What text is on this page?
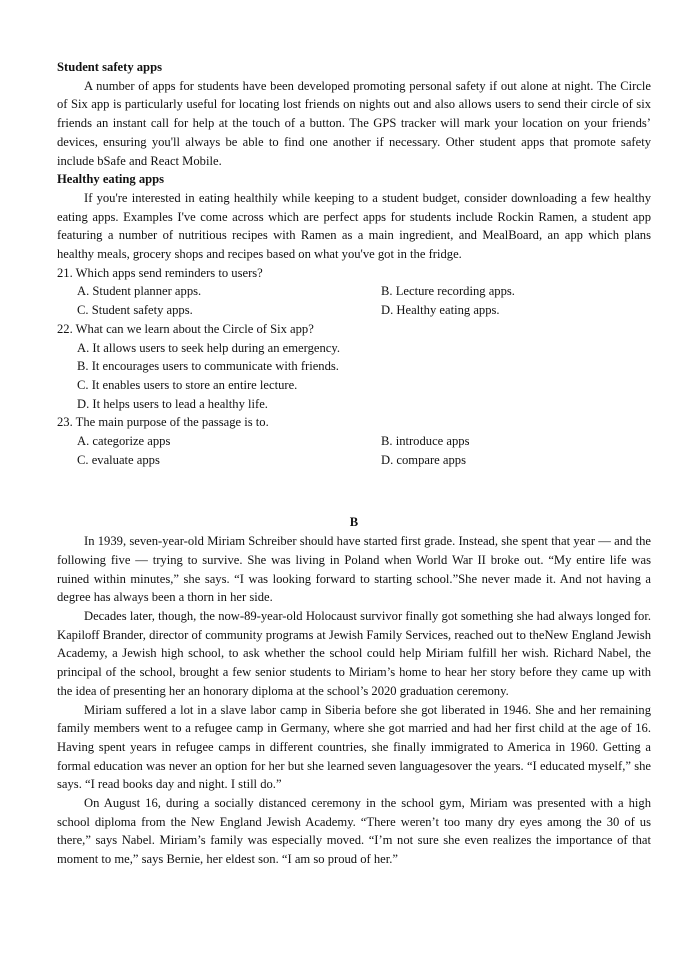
Student safety apps

A number of apps for students have been developed promoting personal safety if out alone at night. The Circle of Six app is particularly useful for locating lost friends on nights out and also allows users to send their circle of six friends an instant call for help at the touch of a button. The GPS tracker will mark your location on your friends’ devices, ensuring you'll always be able to find one another if necessary. Other student apps that promote safety include bSafe and React Mobile.

Healthy eating apps

If you're interested in eating healthily while keeping to a student budget, consider downloading a few healthy eating apps. Examples I've come across which are perfect apps for students include Rockin Ramen, a student app featuring a number of nutritious recipes with Ramen as a main ingredient, and MealBoard, an app which plans healthy meals, grocery shops and recipes based on what you've got in the fridge.

21. Which apps send reminders to users?

A. Student planner apps.	B. Lecture recording apps.
C. Student safety apps.	D. Healthy eating apps.

22. What can we learn about the Circle of Six app?

A. It allows users to seek help during an emergency.
B. It encourages users to communicate with friends.
C. It enables users to store an entire lecture.
D. It helps users to lead a healthy life.

23. The main purpose of the passage is to.

A. categorize apps	B. introduce apps
C. evaluate apps	D. compare apps

B

In 1939, seven-year-old Miriam Schreiber should have started first grade. Instead, she spent that year — and the following five — trying to survive. She was living in Poland when World War II broke out. “My entire life was ruined within minutes,” she says. “I was looking forward to starting school.”She never made it. And not having a degree has always been a thorn in her side.

Decades later, though, the now-89-year-old Holocaust survivor finally got something she had always longed for. Kapiloff Brander, director of community programs at Jewish Family Services, reached out to theNew England Jewish Academy, a Jewish high school, to ask whether the school could help Miriam fulfill her wish. Richard Nabel, the principal of the school, brought a few senior students to Miriam’s home to hear her story before they came up with the idea of presenting her an honorary diploma at the school’s 2020 graduation ceremony.

Miriam suffered a lot in a slave labor camp in Siberia before she got liberated in 1946. She and her remaining family members went to a refugee camp in Germany, where she got married and had her first child at the age of 16. Having spent years in refugee camps in different countries, she finally immigrated to America in 1960. Getting a formal education was never an option for her but she learned seven languagesover the years. “I educated myself,” she says. “I read books day and night. I still do.”

On August 16, during a socially distanced ceremony in the school gym, Miriam was presented with a high school diploma from the New England Jewish Academy. “There weren’t too many dry eyes among the 30 of us there,” says Nabel. Miriam’s family was especially moved. “I’m not sure she even realizes the importance of that moment to me,” says Bernie, her eldest son. “I am so proud of her.”
